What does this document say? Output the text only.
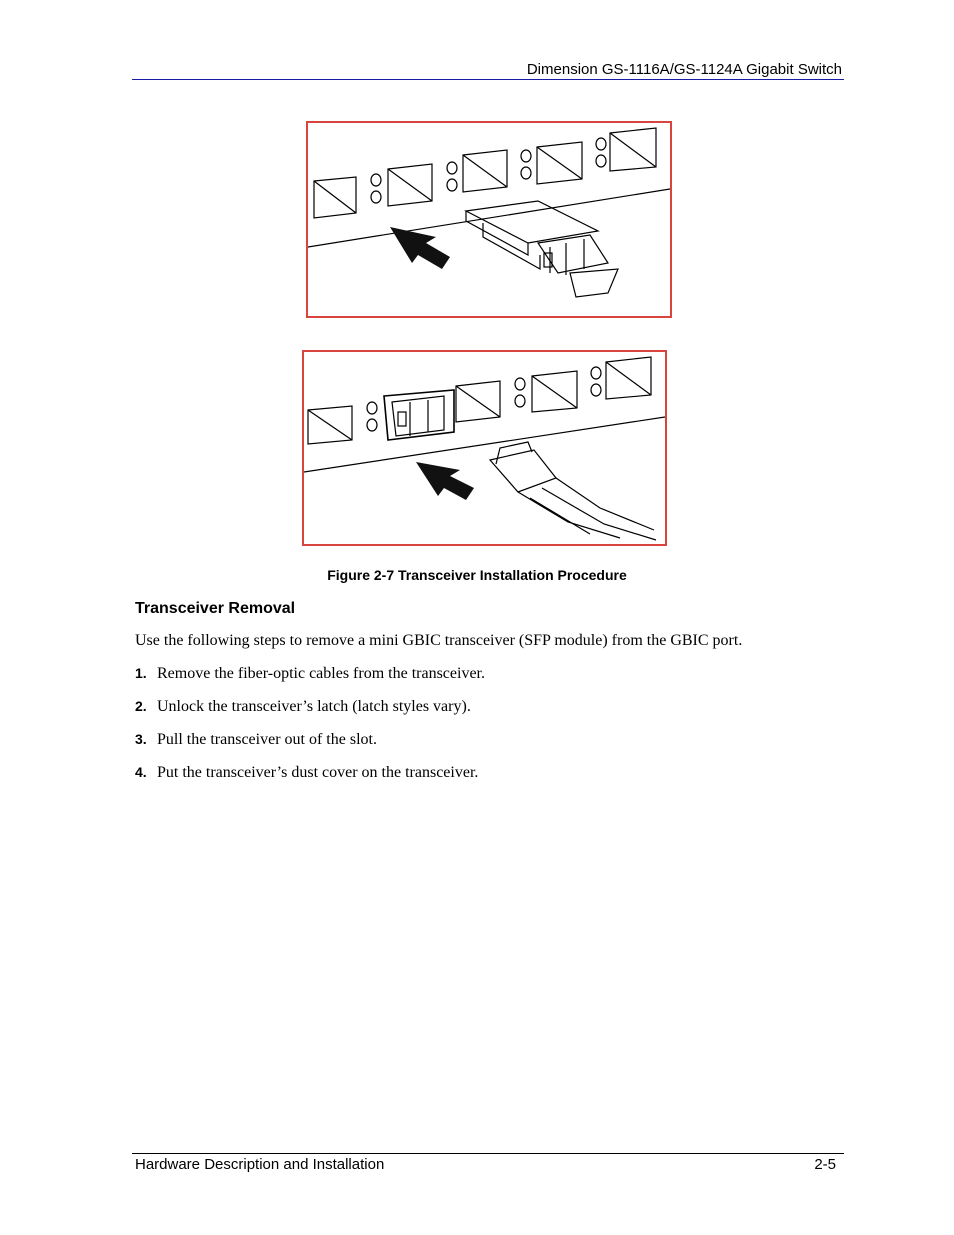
Dimension GS-1116A/GS-1124A Gigabit Switch
Figure 2-7 Transceiver Installation Procedure
Transceiver Removal
Use the following steps to remove a mini GBIC transceiver (SFP module) from the GBIC port.
1. Remove the fiber-optic cables from the transceiver.
2. Unlock the transceiver’s latch (latch styles vary).
3. Pull the transceiver out of the slot.
4. Put the transceiver’s dust cover on the transceiver.
Hardware Description and Installation	2-5
